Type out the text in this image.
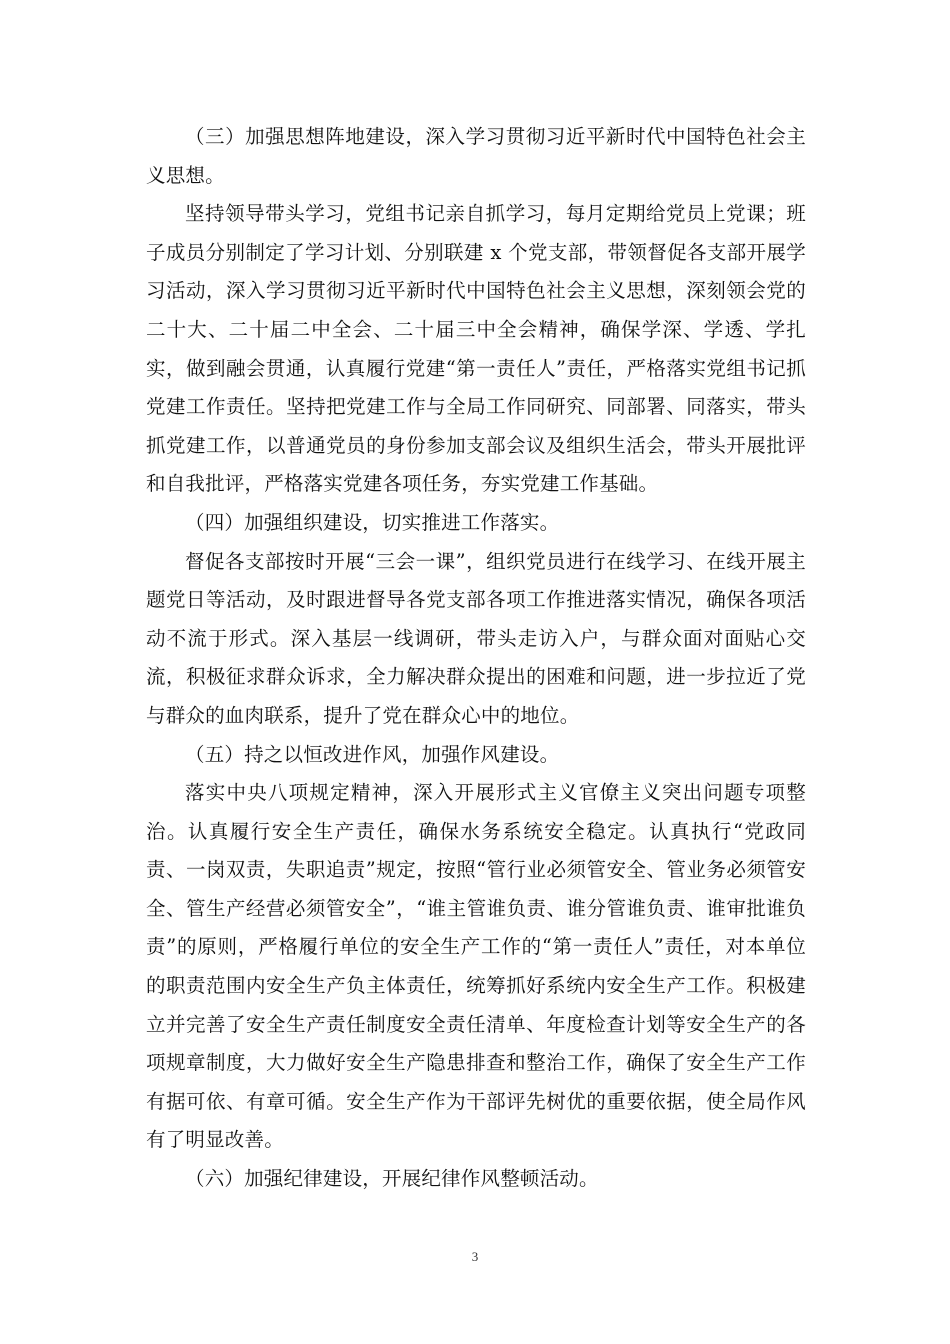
（三）加强思想阵地建设，深入学习贯彻习近平新时代中国特色社会主义思想。

坚持领导带头学习，党组书记亲自抓学习，每月定期给党员上党课；班子成员分别制定了学习计划、分别联建 x 个党支部，带领督促各支部开展学习活动，深入学习贯彻习近平新时代中国特色社会主义思想，深刻领会党的二十大、二十届二中全会、二十届三中全会精神，确保学深、学透、学扎实，做到融会贯通，认真履行党建“第一责任人”责任，严格落实党组书记抓党建工作责任。坚持把党建工作与全局工作同研究、同部署、同落实，带头抓党建工作，以普通党员的身份参加支部会议及组织生活会，带头开展批评和自我批评，严格落实党建各项任务，夯实党建工作基础。

（四）加强组织建设，切实推进工作落实。

督促各支部按时开展“三会一课”，组织党员进行在线学习、在线开展主题党日等活动，及时跟进督导各党支部各项工作推进落实情况，确保各项活动不流于形式。深入基层一线调研，带头走访入户，与群众面对面贴心交流，积极征求群众诉求，全力解决群众提出的困难和问题，进一步拉近了党与群众的血肉联系，提升了党在群众心中的地位。

（五）持之以恒改进作风，加强作风建设。

落实中央八项规定精神，深入开展形式主义官僚主义突出问题专项整治。认真履行安全生产责任，确保水务系统安全稳定。认真执行“党政同责、一岗双责，失职追责”规定，按照“管行业必须管安全、管业务必须管安全、管生产经营必须管安全”，“谁主管谁负责、谁分管谁负责、谁审批谁负责”的原则，严格履行单位的安全生产工作的“第一责任人”责任，对本单位的职责范围内安全生产负主体责任，统筹抓好系统内安全生产工作。积极建立并完善了安全生产责任制度安全责任清单、年度检查计划等安全生产的各项规章制度，大力做好安全生产隐患排查和整治工作，确保了安全生产工作有据可依、有章可循。安全生产作为干部评先树优的重要依据，使全局作风有了明显改善。

（六）加强纪律建设，开展纪律作风整顿活动。

3
